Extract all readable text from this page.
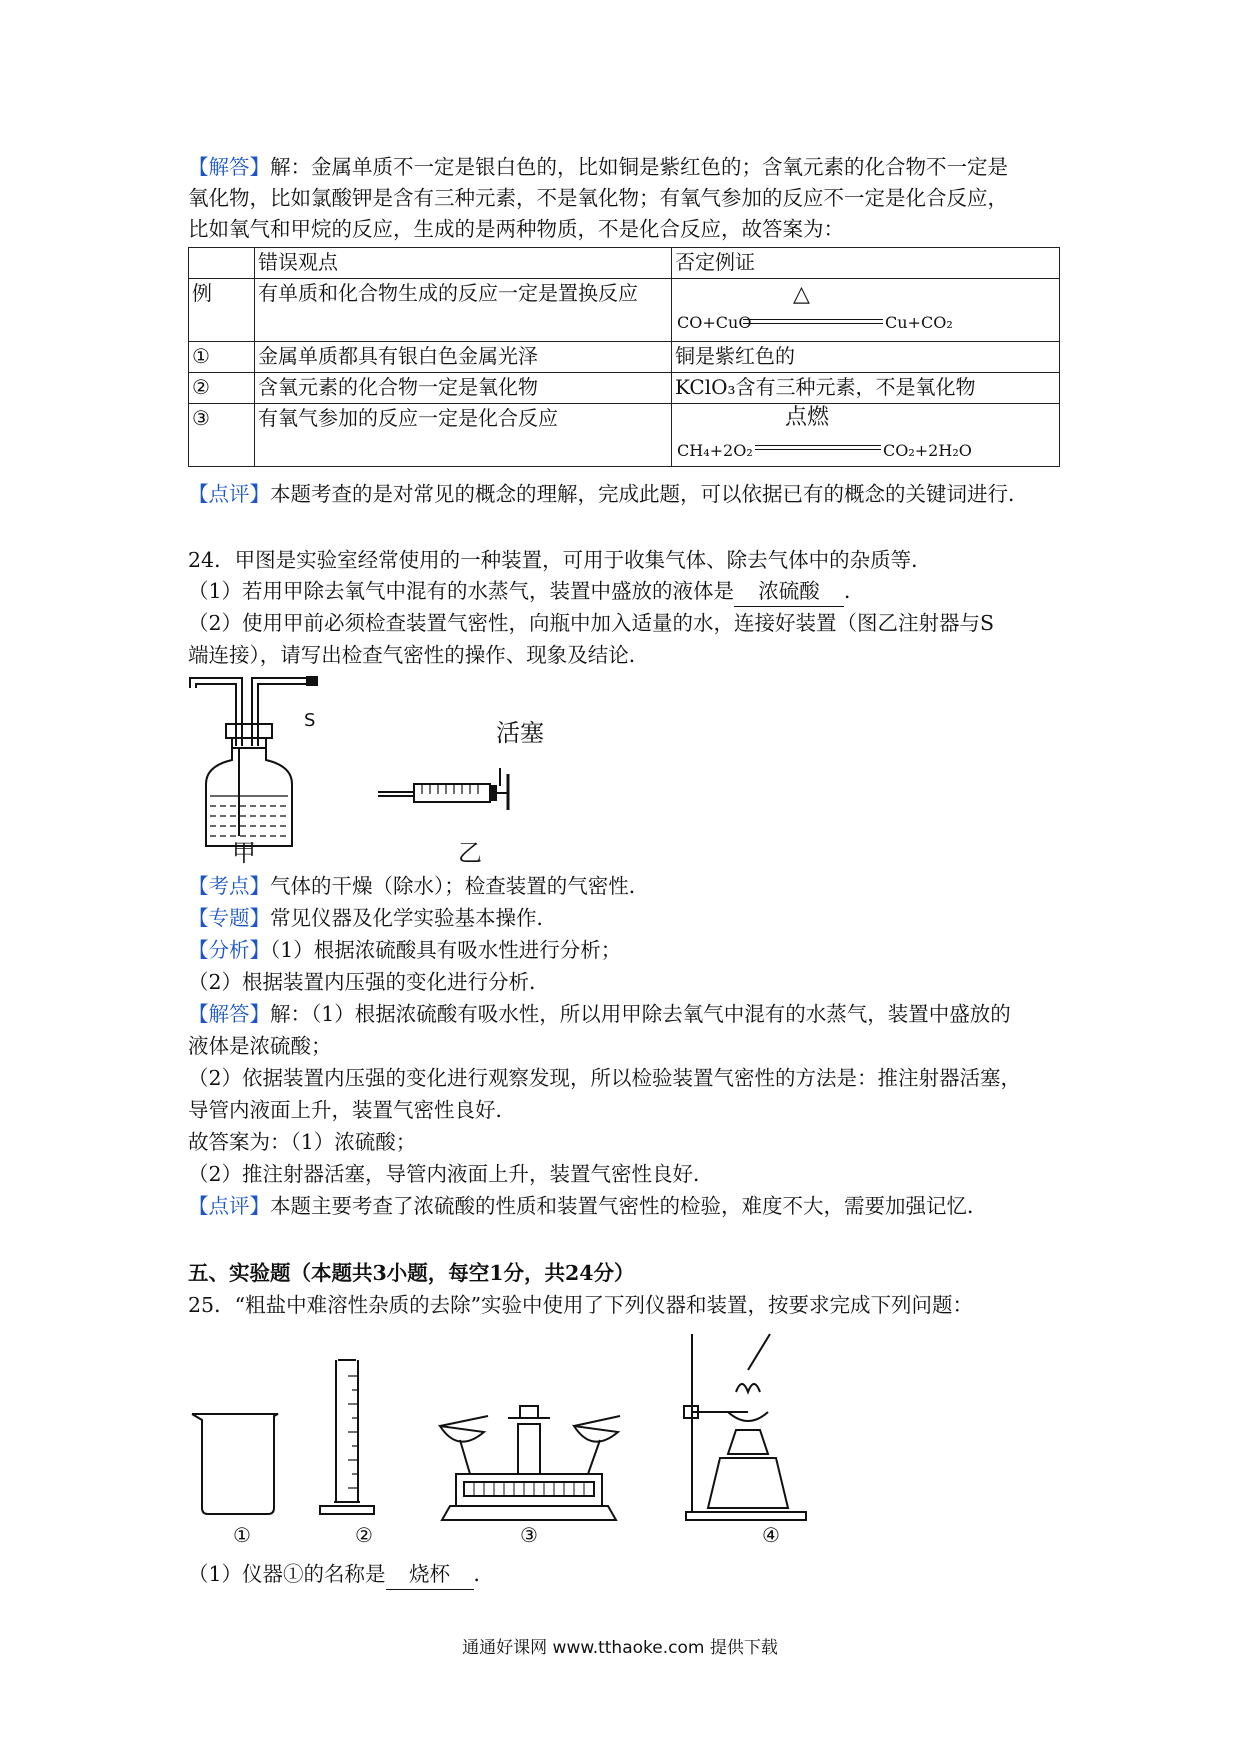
【解答】解：金属单质不一定是银白色的，比如铜是紫红色的；含氧元素的化合物不一定是
氧化物，比如氯酸钾是含有三种元素，不是氧化物；有氧气参加的反应不一定是化合反应，
比如氧气和甲烷的反应，生成的是两种物质，不是化合反应，故答案为：
	错误观点	否定例证
例	有单质和化合物生成的反应一定是置换反应	CO+CuO
△
Cu+CO₂

①	金属单质都具有银白色金属光泽	铜是紫红色的
②	含氧元素的化合物一定是氧化物	KClO₃含有三种元素，不是氧化物
③	有氧气参加的反应一定是化合反应	CH₄+2O₂
点燃
CO₂+2H₂O
【点评】本题考查的是对常见的概念的理解，完成此题，可以依据已有的概念的关键词进行．
24．甲图是实验室经常使用的一种装置，可用于收集气体、除去气体中的杂质等．
（1）若用甲除去氧气中混有的水蒸气，装置中盛放的液体是 浓硫酸 ．
（2）使用甲前必须检查装置气密性，向瓶中加入适量的水，连接好装置（图乙注射器与S
端连接），请写出检查气密性的操作、现象及结论．
S	活塞
甲	乙
【考点】气体的干燥（除水）；检查装置的气密性．
【专题】常见仪器及化学实验基本操作．
【分析】（1）根据浓硫酸具有吸水性进行分析；
（2）根据装置内压强的变化进行分析．
【解答】解：（1）根据浓硫酸有吸水性，所以用甲除去氧气中混有的水蒸气，装置中盛放的
液体是浓硫酸；
（2）依据装置内压强的变化进行观察发现，所以检验装置气密性的方法是：推注射器活塞，
导管内液面上升，装置气密性良好．
故答案为：（1）浓硫酸；
（2）推注射器活塞，导管内液面上升，装置气密性良好．
【点评】本题主要考查了浓硫酸的性质和装置气密性的检验，难度不大，需要加强记忆．
五、实验题（本题共3小题，每空1分，共24分）
25．“粗盐中难溶性杂质的去除”实验中使用了下列仪器和装置，按要求完成下列问题：
①	②	③	④
（1）仪器①的名称是 烧杯 ．
通通好课网 www.tthaoke.com 提供下载
